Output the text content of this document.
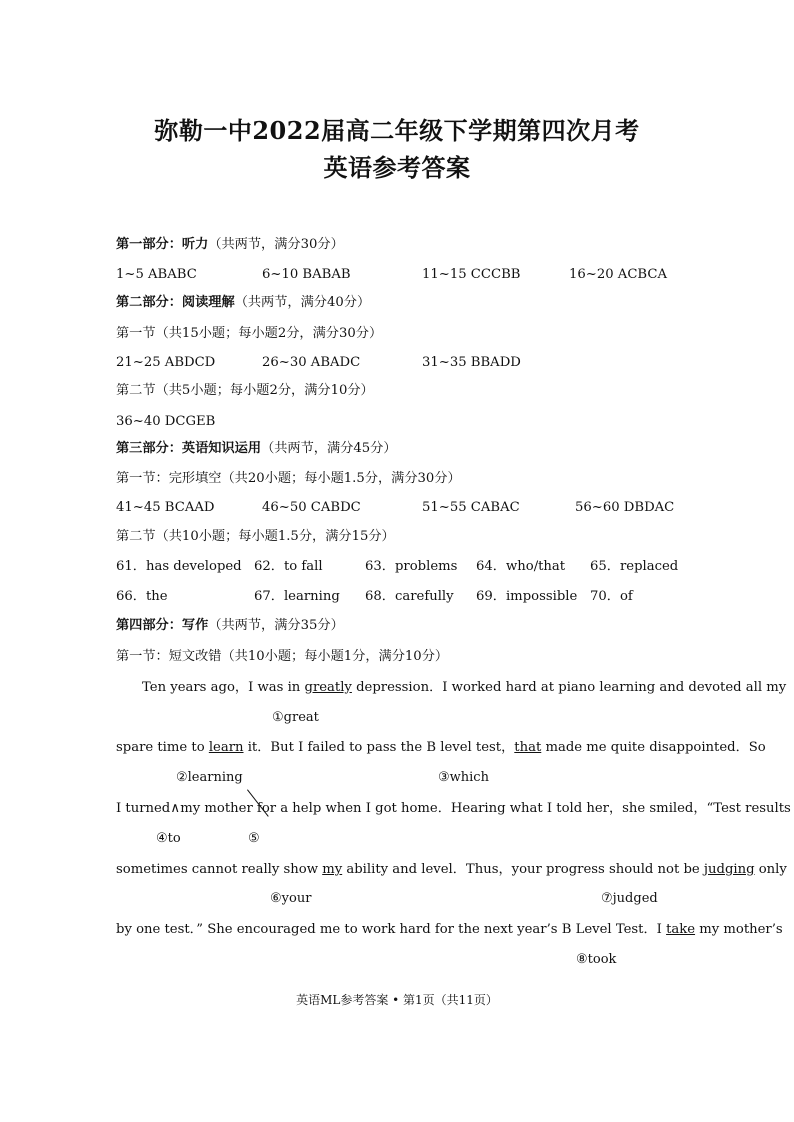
弥勒一中2022届高二年级下学期第四次月考
英语参考答案
第一部分：听力（共两节，满分30分）
1~5 ABABC	6~10 BABAB	11~15 CCCBB	16~20 ACBCA
第二部分：阅读理解（共两节，满分40分）
第一节（共15小题；每小题2分，满分30分）
21~25 ABDCD	26~30 ABADC	31~35 BBADD
第二节（共5小题；每小题2分，满分10分）
36~40 DCGEB
第三部分：英语知识运用（共两节，满分45分）
第一节：完形填空（共20小题；每小题1.5分，满分30分）
41~45 BCAAD	46~50 CABDC	51~55 CABAC	56~60 DBDAC
第二节（共10小题；每小题1.5分，满分15分）
61．has developed 62．to fall	63．problems 64．who/that 65．replaced
66．the	67．learning 68．carefully 69．impossible 70．of
第四部分：写作（共两节，满分35分）
第一节：短文改错（共10小题；每小题1分，满分10分）
Ten years ago，I was in greatly depression．I worked hard at piano learning and devoted all my
①great
spare time to learn it．But I failed to pass the B level test，that made me quite disappointed．So
②learning	③which
I turned∧my mother for a help when I got home．Hearing what I told her，she smiled，“Test results
④to	⑤
sometimes cannot really show my ability and level．Thus，your progress should not be judging only
⑥your	⑦judged
by one test．” She encouraged me to work hard for the next year’s B Level Test．I take my mother’s
⑧took
英语ML参考答案 • 第1页（共11页）
